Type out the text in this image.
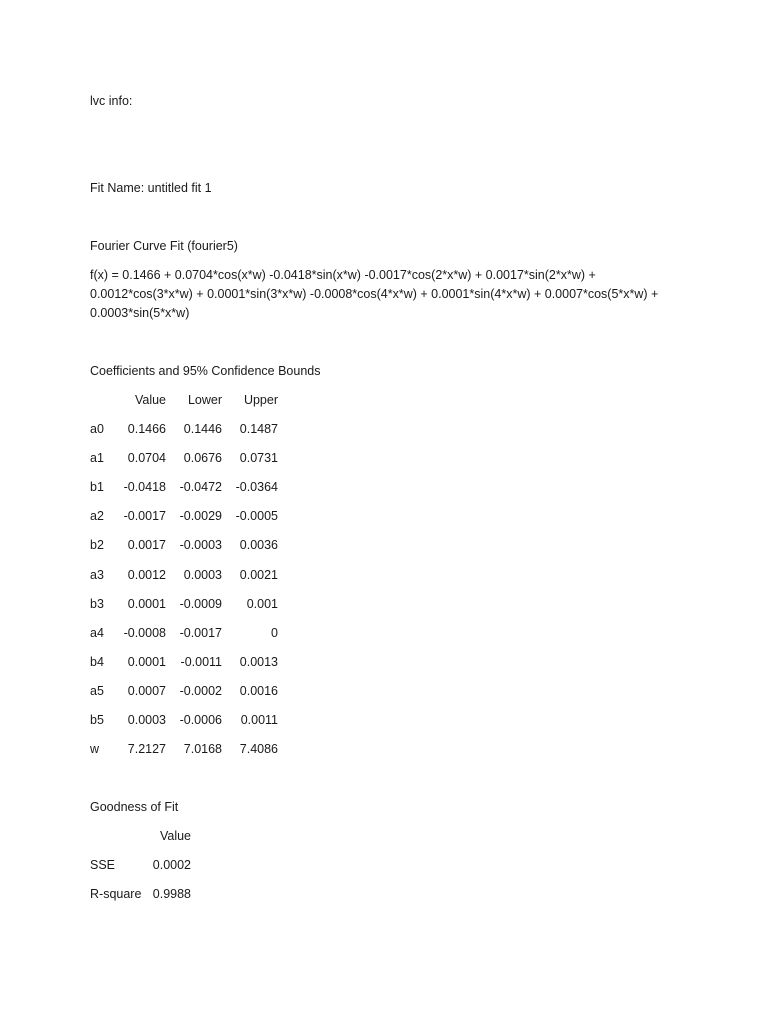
lvc info:
Fit Name: untitled fit 1
Fourier Curve Fit (fourier5)
f(x) = 0.1466 + 0.0704*cos(x*w) -0.0418*sin(x*w) -0.0017*cos(2*x*w) + 0.0017*sin(2*x*w) + 0.0012*cos(3*x*w) + 0.0001*sin(3*x*w) -0.0008*cos(4*x*w) + 0.0001*sin(4*x*w) + 0.0007*cos(5*x*w) + 0.0003*sin(5*x*w)
Coefficients and 95% Confidence Bounds
Value	Lower	Upper
a0	0.1466	0.1446	0.1487
a1	0.0704	0.0676	0.0731
b1	-0.0418	-0.0472	-0.0364
a2	-0.0017	-0.0029	-0.0005
b2	0.0017	-0.0003	0.0036
a3	0.0012	0.0003	0.0021
b3	0.0001	-0.0009	0.001
a4	-0.0008	-0.0017	0
b4	0.0001	-0.0011	0.0013
a5	0.0007	-0.0002	0.0016
b5	0.0003	-0.0006	0.0011
w	7.2127	7.0168	7.4086
Goodness of Fit
Value
SSE	0.0002
R-square 0.9988
